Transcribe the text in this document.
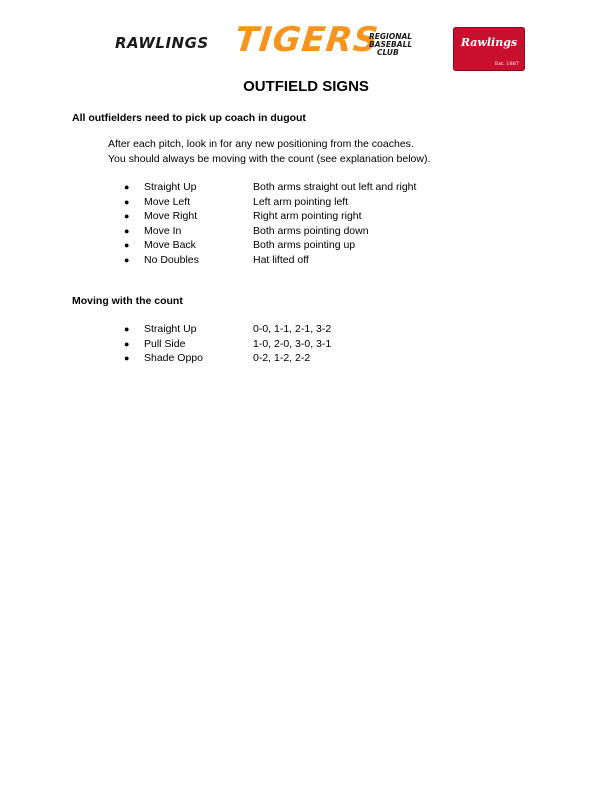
RAWLINGS TIGERS
REGIONAL
BASEBALL
CLUB
Rawlings
Est. 1887
OUTFIELD SIGNS
All outfielders need to pick up coach in dugout
After each pitch, look in for any new positioning from the coaches.
You should always be moving with the count (see explanation below).
●	Straight Up	Both arms straight out left and right
●	Move Left	Left arm pointing left
●	Move Right	Right arm pointing right
●	Move In	Both arms pointing down
●	Move Back	Both arms pointing up
●	No Doubles	Hat lifted off
Moving with the count
●	Straight Up	0-0, 1-1, 2-1, 3-2
●	Pull Side	1-0, 2-0, 3-0, 3-1
●	Shade Oppo	0-2, 1-2, 2-2
